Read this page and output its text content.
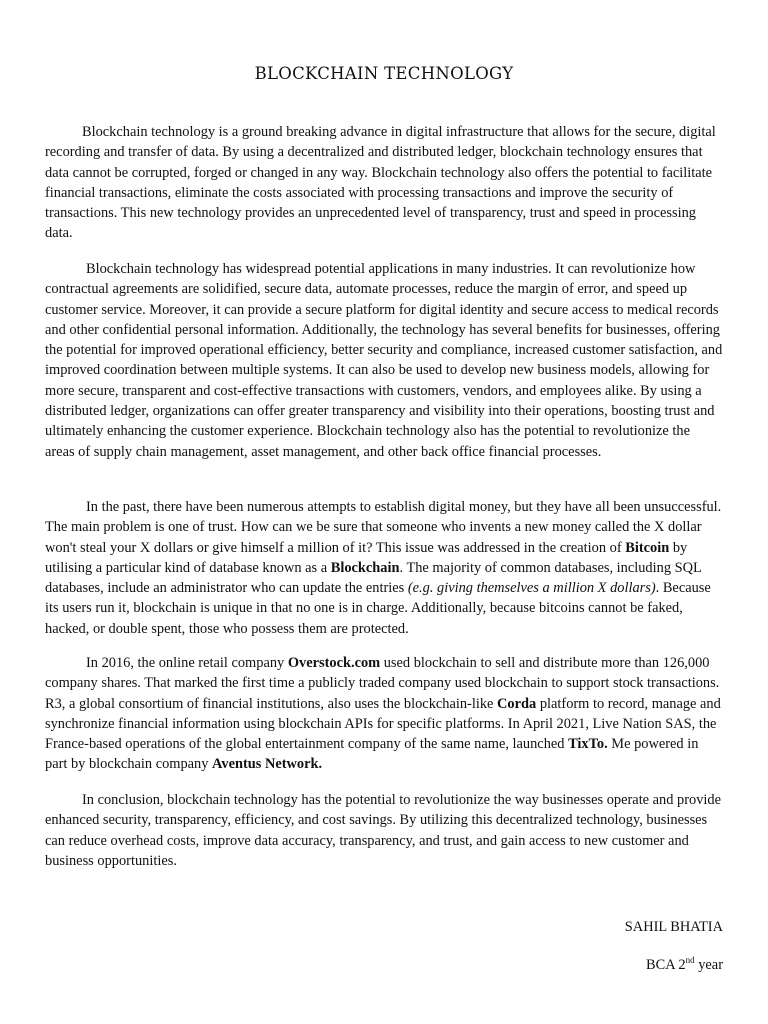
BLOCKCHAIN TECHNOLOGY

Blockchain technology is a ground breaking advance in digital infrastructure that allows for the secure, digital recording and transfer of data. By using a decentralized and distributed ledger, blockchain technology ensures that data cannot be corrupted, forged or changed in any way. Blockchain technology also offers the potential to facilitate financial transactions, eliminate the costs associated with processing transactions and improve the security of transactions. This new technology provides an unprecedented level of transparency, trust and speed in processing data.

Blockchain technology has widespread potential applications in many industries. It can revolutionize how contractual agreements are solidified, secure data, automate processes, reduce the margin of error, and speed up customer service. Moreover, it can provide a secure platform for digital identity and secure access to medical records and other confidential personal information. Additionally, the technology has several benefits for businesses, offering the potential for improved operational efficiency, better security and compliance, increased customer satisfaction, and improved coordination between multiple systems. It can also be used to develop new business models, allowing for more secure, transparent and cost-effective transactions with customers, vendors, and employees alike. By using a distributed ledger, organizations can offer greater transparency and visibility into their operations, boosting trust and ultimately enhancing the customer experience. Blockchain technology also has the potential to revolutionize the areas of supply chain management, asset management, and other back office financial processes.

In the past, there have been numerous attempts to establish digital money, but they have all been unsuccessful. The main problem is one of trust. How can we be sure that someone who invents a new money called the X dollar won't steal your X dollars or give himself a million of it? This issue was addressed in the creation of Bitcoin by utilising a particular kind of database known as a Blockchain. The majority of common databases, including SQL databases, include an administrator who can update the entries (e.g. giving themselves a million X dollars). Because its users run it, blockchain is unique in that no one is in charge. Additionally, because bitcoins cannot be faked, hacked, or double spent, those who possess them are protected.

In 2016, the online retail company Overstock.com used blockchain to sell and distribute more than 126,000 company shares. That marked the first time a publicly traded company used blockchain to support stock transactions. R3, a global consortium of financial institutions, also uses the blockchain-like Corda platform to record, manage and synchronize financial information using blockchain APIs for specific platforms. In April 2021, Live Nation SAS, the France-based operations of the global entertainment company of the same name, launched TixTo. Me powered in part by blockchain company Aventus Network.

In conclusion, blockchain technology has the potential to revolutionize the way businesses operate and provide enhanced security, transparency, efficiency, and cost savings. By utilizing this decentralized technology, businesses can reduce overhead costs, improve data accuracy, transparency, and trust, and gain access to new customer and business opportunities.

SAHIL BHATIA

BCA 2nd year
